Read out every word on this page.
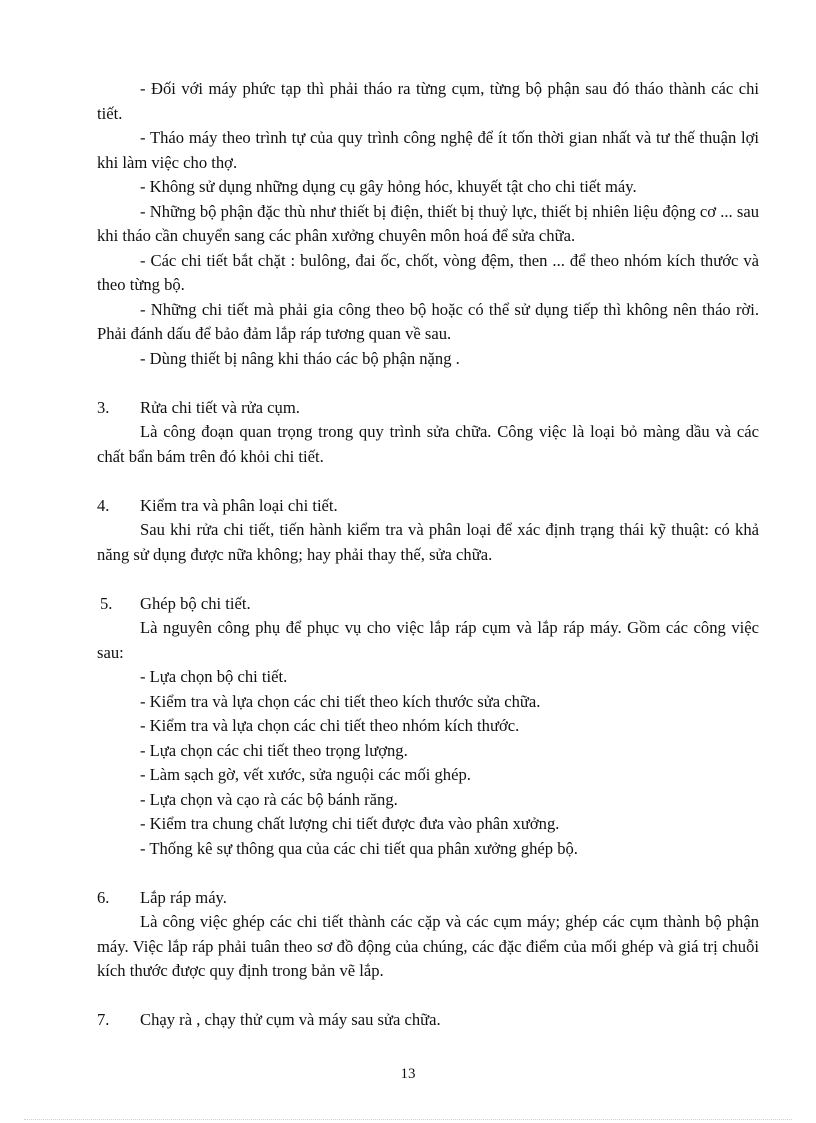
- Đối với máy phức tạp thì phải tháo ra từng cụm, từng bộ phận sau đó tháo thành các chi tiết.

- Tháo máy theo trình tự của quy trình công nghệ để ít tốn thời gian nhất và tư thế thuận lợi khi làm việc cho thợ.

- Không sử dụng những dụng cụ gây hỏng hóc, khuyết tật cho chi tiết máy.

- Những bộ phận đặc thù như thiết bị điện, thiết bị thuỷ lực, thiết bị nhiên liệu động cơ ... sau khi tháo cần chuyển sang các phân xưởng chuyên môn hoá để sửa chữa.

- Các chi tiết bắt chặt : bulông, đai ốc, chốt, vòng đệm, then ... để theo nhóm kích thước và theo từng bộ.

- Những chi tiết mà phải gia công theo bộ hoặc có thể sử dụng tiếp thì không nên tháo rời. Phải đánh dấu để bảo đảm lắp ráp tương quan về sau.

- Dùng thiết bị nâng khi tháo các bộ phận nặng .

3.	Rửa chi tiết và rửa cụm.

Là công đoạn quan trọng trong quy trình sửa chữa. Công việc là loại bỏ màng dầu và các chất bẩn bám trên đó khỏi chi tiết.

4.	Kiểm tra và phân loại chi tiết.

Sau khi rửa chi tiết, tiến hành kiểm tra và phân loại để xác định trạng thái kỹ thuật: có khả năng sử dụng được nữa không; hay phải thay thế, sửa chữa.

5.	Ghép bộ chi tiết.

Là nguyên công phụ để phục vụ cho việc lắp ráp cụm và lắp ráp máy. Gồm các công việc sau:

- Lựa chọn bộ chi tiết.

- Kiểm tra và lựa chọn các chi tiết theo kích thước sửa chữa.

- Kiểm tra và lựa chọn các chi tiết theo nhóm kích thước.

- Lựa chọn các chi tiết theo trọng lượng.

- Làm sạch gờ, vết xước, sửa nguội các mối ghép.

- Lựa chọn và cạo rà các bộ bánh răng.

- Kiểm tra chung chất lượng chi tiết được đưa vào phân xưởng.

- Thống kê sự thông qua của các chi tiết qua phân xưởng ghép bộ.

6.	Lắp ráp máy.

Là công việc ghép các chi tiết thành các cặp và các cụm máy; ghép các cụm thành bộ phận máy. Việc lắp ráp phải tuân theo sơ đồ động của chúng, các đặc điểm của mối ghép và giá trị chuỗi kích thước được quy định trong bản vẽ lắp.

7.	Chạy rà , chạy thử cụm và máy sau sửa chữa.
13
